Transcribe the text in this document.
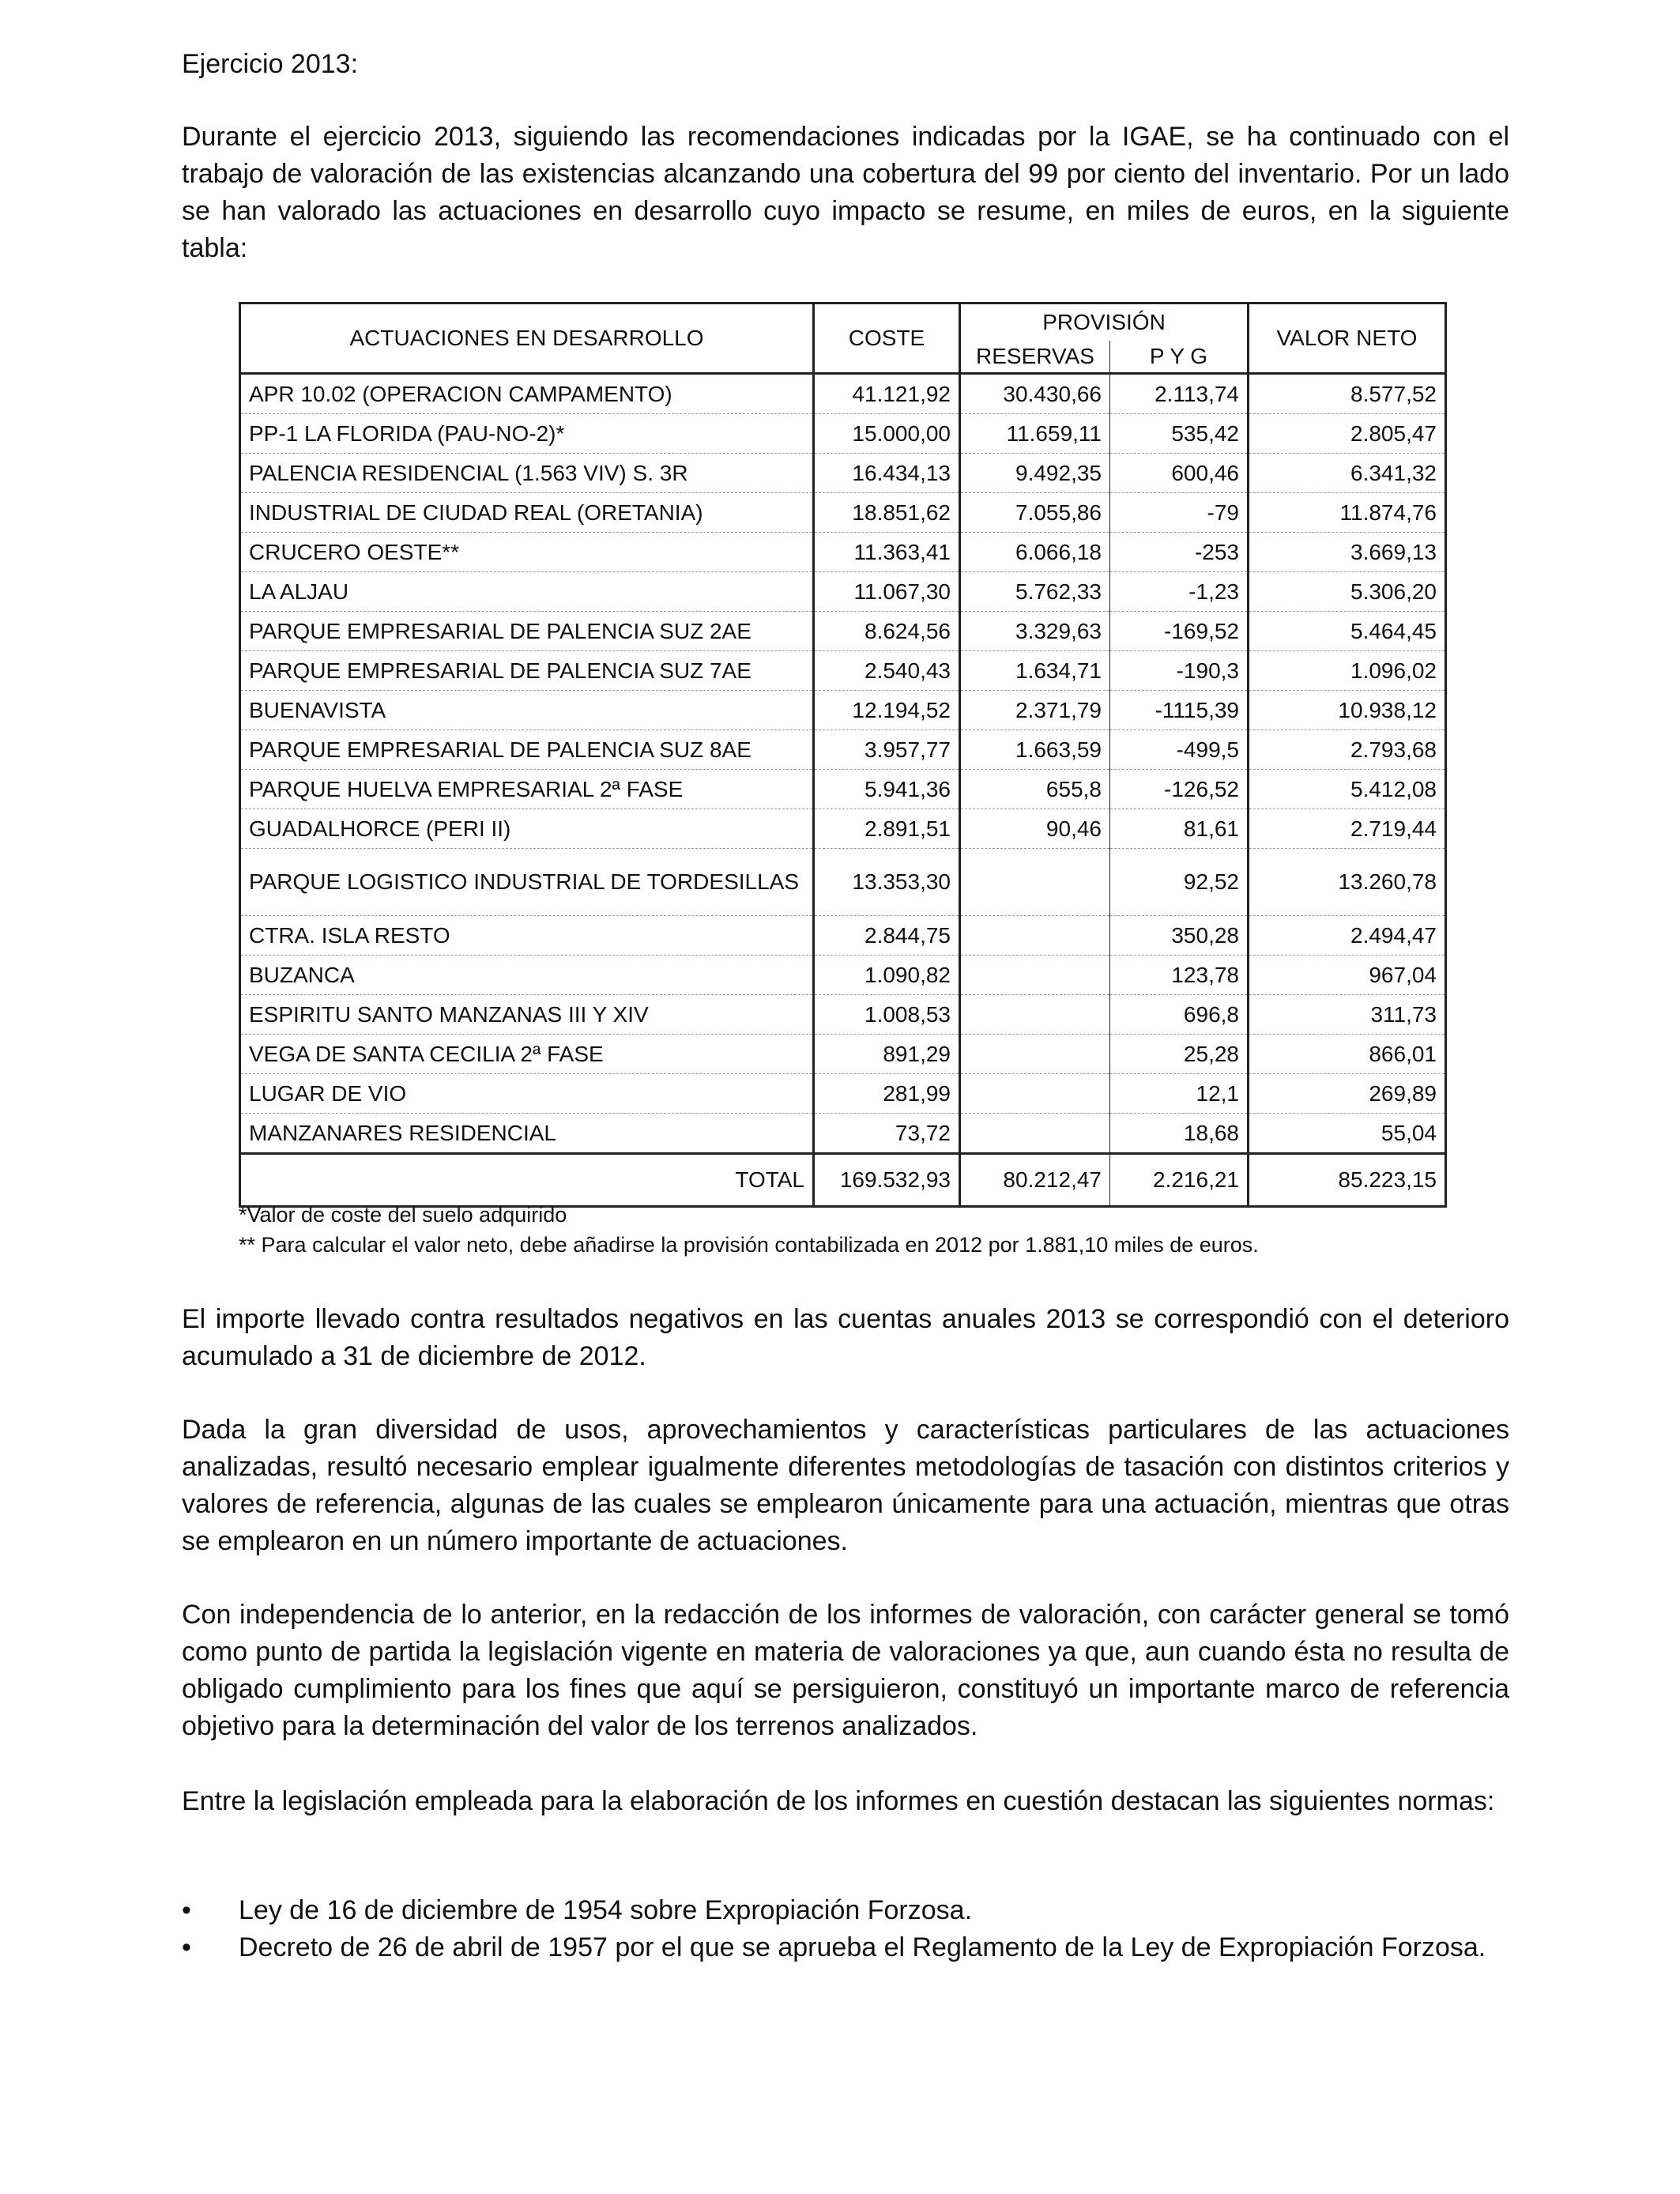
Ejercicio 2013:

Durante el ejercicio 2013, siguiendo las recomendaciones indicadas por la IGAE, se ha continuado con el trabajo de valoración de las existencias alcanzando una cobertura del 99 por ciento del inventario. Por un lado se han valorado las actuaciones en desarrollo cuyo impacto se resume, en miles de euros, en la siguiente tabla:

ACTUACIONES EN DESARROLLO	COSTE	PROVISIÓN		VALOR NETO
		RESERVAS	P Y G	
APR 10.02 (OPERACION CAMPAMENTO)	41.121,92	30.430,66	2.113,74	8.577,52
PP-1 LA FLORIDA (PAU-NO-2)*	15.000,00	11.659,11	535,42	2.805,47
PALENCIA RESIDENCIAL (1.563 VIV) S. 3R	16.434,13	9.492,35	600,46	6.341,32
INDUSTRIAL DE CIUDAD REAL (ORETANIA)	18.851,62	7.055,86	-79	11.874,76
CRUCERO OESTE**	11.363,41	6.066,18	-253	3.669,13
LA ALJAU	11.067,30	5.762,33	-1,23	5.306,20
PARQUE EMPRESARIAL DE PALENCIA SUZ 2AE	8.624,56	3.329,63	-169,52	5.464,45
PARQUE EMPRESARIAL DE PALENCIA SUZ 7AE	2.540,43	1.634,71	-190,3	1.096,02
BUENAVISTA	12.194,52	2.371,79	-1115,39	10.938,12
PARQUE EMPRESARIAL DE PALENCIA SUZ 8AE	3.957,77	1.663,59	-499,5	2.793,68
PARQUE HUELVA EMPRESARIAL 2ª FASE	5.941,36	655,8	-126,52	5.412,08
GUADALHORCE (PERI II)	2.891,51	90,46	81,61	2.719,44
PARQUE LOGISTICO INDUSTRIAL DE TORDESILLAS	13.353,30		92,52	13.260,78
CTRA. ISLA RESTO	2.844,75		350,28	2.494,47
BUZANCA	1.090,82		123,78	967,04
ESPIRITU SANTO MANZANAS III Y XIV	1.008,53		696,8	311,73
VEGA DE SANTA CECILIA 2ª FASE	891,29		25,28	866,01
LUGAR DE VIO	281,99		12,1	269,89
MANZANARES RESIDENCIAL	73,72		18,68	55,04
TOTAL	169.532,93	80.212,47	2.216,21	85.223,15
*Valor de coste del suelo adquirido
** Para calcular el valor neto, debe añadirse la provisión contabilizada en 2012 por 1.881,10 miles de euros.

El importe llevado contra resultados negativos en las cuentas anuales 2013 se correspondió con el deterioro acumulado a 31 de diciembre de 2012.

Dada la gran diversidad de usos, aprovechamientos y características particulares de las actuaciones analizadas, resultó necesario emplear igualmente diferentes metodologías de tasación con distintos criterios y valores de referencia, algunas de las cuales se emplearon únicamente para una actuación, mientras que otras se emplearon en un número importante de actuaciones.

Con independencia de lo anterior, en la redacción de los informes de valoración, con carácter general se tomó como punto de partida la legislación vigente en materia de valoraciones ya que, aun cuando ésta no resulta de obligado cumplimiento para los fines que aquí se persiguieron, constituyó un importante marco de referencia objetivo para la determinación del valor de los terrenos analizados.

Entre la legislación empleada para la elaboración de los informes en cuestión destacan las siguientes normas:

• Ley de 16 de diciembre de 1954 sobre Expropiación Forzosa.
• Decreto de 26 de abril de 1957 por el que se aprueba el Reglamento de la Ley de Expropiación Forzosa.
